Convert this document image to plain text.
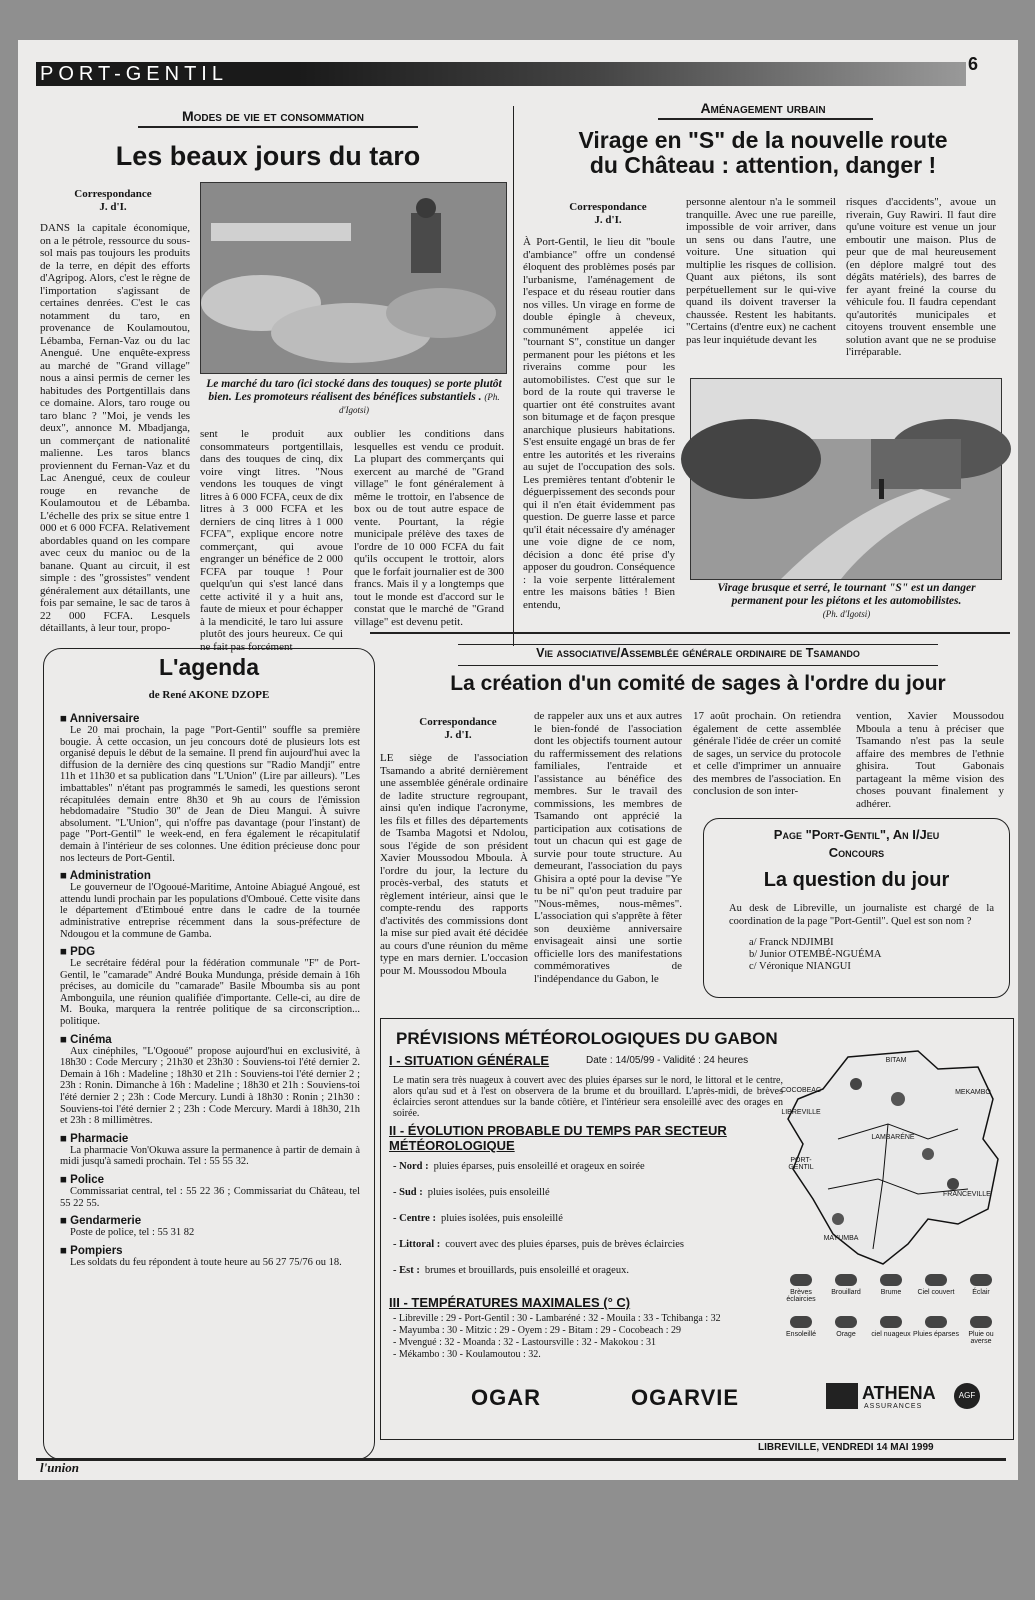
PORT-GENTIL	6
Modes de vie et consommation
Les beaux jours du taro
Correspondance
J. d'I.
DANS la capitale économique, on a le pétrole, ressource du sous-sol mais pas toujours les produits de la terre, en dépit des efforts d'Agripog. Alors, c'est le règne de l'importation s'agissant de certaines denrées. C'est le cas notamment du taro, en provenance de Koulamoutou, Lébamba, Fernan-Vaz ou du lac Anengué. Une enquête-express au marché de "Grand village" nous a ainsi permis de cerner les habitudes des Portgentillais dans ce domaine. Alors, taro rouge ou taro blanc ? "Moi, je vends les deux", annonce M. Mbadjanga, un commerçant de nationalité malienne. Les taros blancs proviennent du Fernan-Vaz et du Lac Anengué, ceux de couleur rouge en revanche de Koulamoutou et de Lébamba. L'échelle des prix se situe entre 1 000 et 6 000 FCFA. Relativement abordables quand on les compare avec ceux du manioc ou de la banane. Quant au circuit, il est simple : des "grossistes" vendent généralement aux détaillants, une fois par semaine, le sac de taros à 22 000 FCFA. Lesquels détaillants, à leur tour, propo-
Le marché du taro (ici stocké dans des touques) se porte plutôt bien. Les promoteurs réalisent des bénéfices substantiels . (Ph. d'Igotsi)
sent le produit aux consommateurs portgentillais, dans des touques de cinq, dix voire vingt litres. "Nous vendons les touques de vingt litres à 6 000 FCFA, ceux de dix litres à 3 000 FCFA et les derniers de cinq litres à 1 000 FCFA", explique encore notre commerçant, qui avoue engranger un bénéfice de 2 000 FCFA par touque ! Pour quelqu'un qui s'est lancé dans cette activité il y a huit ans, faute de mieux et pour échapper à la mendicité, le taro lui assure plutôt des jours heureux. Ce qui ne fait pas forcément
oublier les conditions dans lesquelles est vendu ce produit. La plupart des commerçants qui exercent au marché de "Grand village" le font généralement à même le trottoir, en l'absence de box ou de tout autre espace de vente. Pourtant, la régie municipale prélève des taxes de l'ordre de 10 000 FCFA du fait qu'ils occupent le trottoir, alors que le forfait journalier est de 300 francs. Mais il y a longtemps que tout le monde est d'accord sur le constat que le marché de "Grand village" est devenu petit.
Aménagement urbain
Virage en "S" de la nouvelle route
du Château : attention, danger !
Correspondance
J. d'I.
À Port-Gentil, le lieu dit "boule d'ambiance" offre un condensé éloquent des problèmes posés par l'urbanisme, l'aménagement de l'espace et du réseau routier dans nos villes. Un virage en forme de double épingle à cheveux, communément appelée ici "tournant S", constitue un danger permanent pour les piétons et les riverains comme pour les automobilistes. C'est que sur le bord de la route qui traverse le quartier ont été construites avant son bitumage et de façon presque anarchique plusieurs habitations. S'est ensuite engagé un bras de fer entre les autorités et les riverains au sujet de l'occupation des sols. Les premières tentant d'obtenir le déguerpissement des seconds pour qui il n'en était évidemment pas question. De guerre lasse et parce qu'il était nécessaire d'y aménager une voie digne de ce nom, décision a donc été prise d'y apposer du goudron. Conséquence : la voie serpente littéralement entre les maisons bâties ! Bien entendu,
personne alentour n'a le sommeil tranquille. Avec une rue pareille, impossible de voir arriver, dans un sens ou dans l'autre, une voiture. Une situation qui multiplie les risques de collision. Quant aux piétons, ils sont perpétuellement sur le qui-vive quand ils doivent traverser la chaussée. Restent les habitants. "Certains (d'entre eux) ne cachent pas leur inquiétude devant les
risques d'accidents", avoue un riverain, Guy Rawiri. Il faut dire qu'une voiture est venue un jour emboutir une maison. Plus de peur que de mal heureusement (en déplore malgré tout des dégâts matériels), des barres de fer ayant freiné la course du véhicule fou. Il faudra cependant qu'autorités municipales et citoyens trouvent ensemble une solution avant que ne se produise l'irréparable.
Virage brusque et serré, le tournant "S" est un danger permanent pour les piétons et les automobilistes.
(Ph. d'Igotsi)
L'agenda
de René AKONE DZOPE
■ Anniversaire
Le 20 mai prochain, la page "Port-Gentil" souffle sa première bougie. À cette occasion, un jeu concours doté de plusieurs lots est organisé depuis le début de la semaine. Il prend fin aujourd'hui avec la diffusion de la dernière des cinq questions sur "Radio Mandji" entre 11h et 11h30 et sa publication dans "L'Union" (Lire par ailleurs). "Les imbattables" n'étant pas programmés le samedi, les questions seront récapitulées demain entre 8h30 et 9h au cours de l'émission hebdomadaire "Studio 30" de Jean de Dieu Mangui. À suivre absolument. "L'Union", qui n'offre pas davantage (pour l'instant) de page "Port-Gentil" le week-end, en fera également le récapitulatif demain à l'intérieur de ses colonnes. Une édition précieuse donc pour nos lecteurs de Port-Gentil.
■ Administration
Le gouverneur de l'Ogooué-Maritime, Antoine Abiagué Angoué, est attendu lundi prochain par les populations d'Omboué. Cette visite dans le département d'Etimboué entre dans le cadre de la tournée administrative entreprise récemment dans la sous-préfecture de Ndougou et la commune de Gamba.
■ PDG
Le secrétaire fédéral pour la fédération communale "F" de Port-Gentil, le "camarade" André Bouka Mundunga, préside demain à 16h précises, au domicile du "camarade" Basile Mboumba sis au pont Ambonguila, une réunion qualifiée d'importante. Celle-ci, au dire de M. Bouka, marquera la rentrée politique de sa circonscription... politique.
■ Cinéma
Aux cinéphiles, "L'Ogooué" propose aujourd'hui en exclusivité, à 18h30 : Code Mercury ; 21h30 et 23h30 : Souviens-toi l'été dernier 2. Demain à 16h : Madeline ; 18h30 et 21h : Souviens-toi l'été dernier 2 ; 23h : Ronin. Dimanche à 16h : Madeline ; 18h30 et 21h : Souviens-toi l'été dernier 2 ; 23h : Code Mercury. Lundi à 18h30 : Ronin ; 21h30 : Souviens-toi l'été dernier 2 ; 23h : Code Mercury. Mardi à 18h30, 21h et 23h : 8 millimètres.
■ Pharmacie
La pharmacie Von'Okuwa assure la permanence à partir de demain à midi jusqu'à samedi prochain. Tel : 55 55 32.
■ Police
Commissariat central, tel : 55 22 36 ; Commissariat du Château, tel 55 22 55.
■ Gendarmerie
Poste de police, tel : 55 31 82
■ Pompiers
Les soldats du feu répondent à toute heure au 56 27 75/76 ou 18.
Vie associative/Assemblée générale ordinaire de Tsamando
La création d'un comité de sages à l'ordre du jour
Correspondance
J. d'I.
LE siège de l'association Tsamando a abrité dernièrement une assemblée générale ordinaire de ladite structure regroupant, ainsi qu'en indique l'acronyme, les fils et filles des départements de Tsamba Magotsi et Ndolou, sous l'égide de son président Xavier Moussodou Mboula. À l'ordre du jour, la lecture du procès-verbal, des statuts et règlement intérieur, ainsi que le compte-rendu des rapports d'activités des commissions dont la mise sur pied avait été décidée au cours d'une réunion du même type en mars dernier. L'occasion pour M. Moussodou Mboula
de rappeler aux uns et aux autres le bien-fondé de l'association dont les objectifs tournent autour du raffermissement des relations familiales, l'entraide et l'assistance au bénéfice des membres. Sur le travail des commissions, les membres de Tsamando ont apprécié la participation aux cotisations de tout un chacun qui est gage de survie pour toute structure. Au demeurant, l'association du pays Ghisira a opté pour la devise "Ye tu be ni" qu'on peut traduire par "Nous-mêmes, nous-mêmes". L'association qui s'apprête à fêter son deuxième anniversaire envisageait ainsi une sortie officielle lors des manifestations commémoratives de l'indépendance du Gabon, le
17 août prochain. On retiendra également de cette assemblée générale l'idée de créer un comité de sages, un service du protocole et celle d'imprimer un annuaire des membres de l'association. En conclusion de son inter-
vention, Xavier Moussodou Mboula a tenu à préciser que Tsamando n'est pas la seule affaire des membres de l'ethnie ghisira. Tout Gabonais partageant la même vision des choses pouvant finalement y adhérer.
Page "Port-Gentil", An I/Jeu
Concours
La question du jour
Au desk de Libreville, un journaliste est chargé de la coordination de la page "Port-Gentil". Quel est son nom ?
a/ Franck NDJIMBI
b/ Junior OTEMBÉ-NGUÉMA
c/ Véronique NIANGUI
PRÉVISIONS MÉTÉOROLOGIQUES DU GABON
I - SITUATION GÉNÉRALE	Date : 14/05/99 - Validité : 24 heures
Le matin sera très nuageux à couvert avec des pluies éparses sur le nord, le littoral et le centre, alors qu'au sud et à l'est on observera de la brume et du brouillard. L'après-midi, de brèves éclaircies seront attendues sur la bande côtière, et l'intérieur sera ensoleillé avec des orages en soirée.
II - ÉVOLUTION PROBABLE DU TEMPS PAR SECTEUR MÉTÉOROLOGIQUE
- Nord : pluies éparses, puis ensoleillé et orageux en soirée
- Sud : pluies isolées, puis ensoleillé
- Centre : pluies isolées, puis ensoleillé
- Littoral : couvert avec des pluies éparses, puis de brèves éclaircies
- Est : brumes et brouillards, puis ensoleillé et orageux.
III - TEMPÉRATURES MAXIMALES (° C)
- Libreville : 29 - Port-Gentil : 30 - Lambaréné : 32 - Mouila : 33 - Tchibanga : 32
- Mayumba : 30 - Mitzic : 29 - Oyem : 29 - Bitam : 29 - Cocobeach : 29
- Mvengué : 32 - Moanda : 32 - Lastoursville : 32 - Makokou : 31
- Mékambo : 30 - Koulamoutou : 32.
BITAM
COCOBEAC
LIBREVILLE
MEKAMBO
LAMBARÉNÉ
PORT-GENTIL
FRANCEVILLE
MAYUMBA
Brèves éclaircies
Brouillard	Brume	Ciel couvert	Éclair
Ensoleillé	Orage	ciel nuageux Pluies éparses	Pluie ou averse
OGAR	OGARVIE	ATHENA
ASSURANCES
AGF
l'union
LIBREVILLE, VENDREDI 14 MAI 1999
